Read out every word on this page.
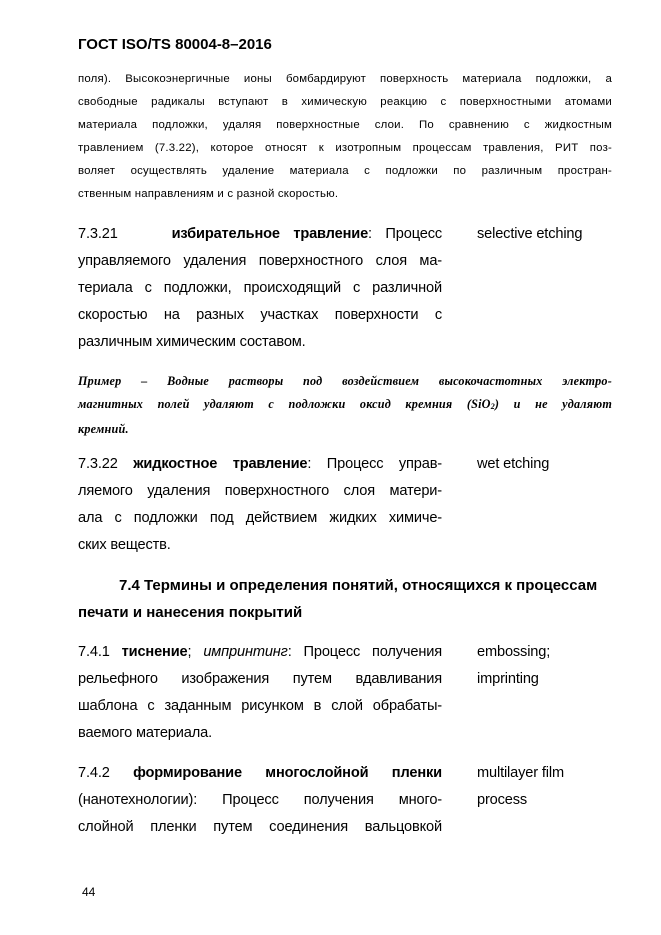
ГОСТ ISO/TS 80004-8–2016
поля). Высокоэнергичные ионы бомбардируют поверхность материала подложки, а
свободные радикалы вступают в химическую реакцию с поверхностными атомами
материала подложки, удаляя поверхностные слои. По сравнению с жидкостным
травлением (7.3.22), которое относят к изотропным процессам травления, РИТ поз-
воляет осуществлять удаление материала с подложки по различным простран-
ственным направлениям и с разной скоростью.
7.3.21	избирательное травление: Процесс
управляемого удаления поверхностного слоя ма-
териала с подложки, происходящий с различной
скоростью на разных участках поверхности с
различным химическим составом.
selective etching
Пример – Водные растворы под воздействием высокочастотных электро-
магнитных полей удаляют с подложки оксид кремния (SiO$_2$) и не удаляют
кремний.
7.3.22 жидкостное травление: Процесс управ-
ляемого удаления поверхностного слоя матери-
ала с подложки под действием жидких химиче-
ских веществ.
wet etching
7.4 Термины и определения понятий, относящихся к процессам
печати и нанесения покрытий
7.4.1 тиснение; импринтинг: Процесс получения
рельефного изображения путем вдавливания
шаблона с заданным рисунком в слой обрабаты-
ваемого материала.
embossing;
imprinting
7.4.2 формирование многослойной пленки
(нанотехнологии): Процесс получения много-
слойной пленки путем соединения вальцовкой
multilayer film
process
44
